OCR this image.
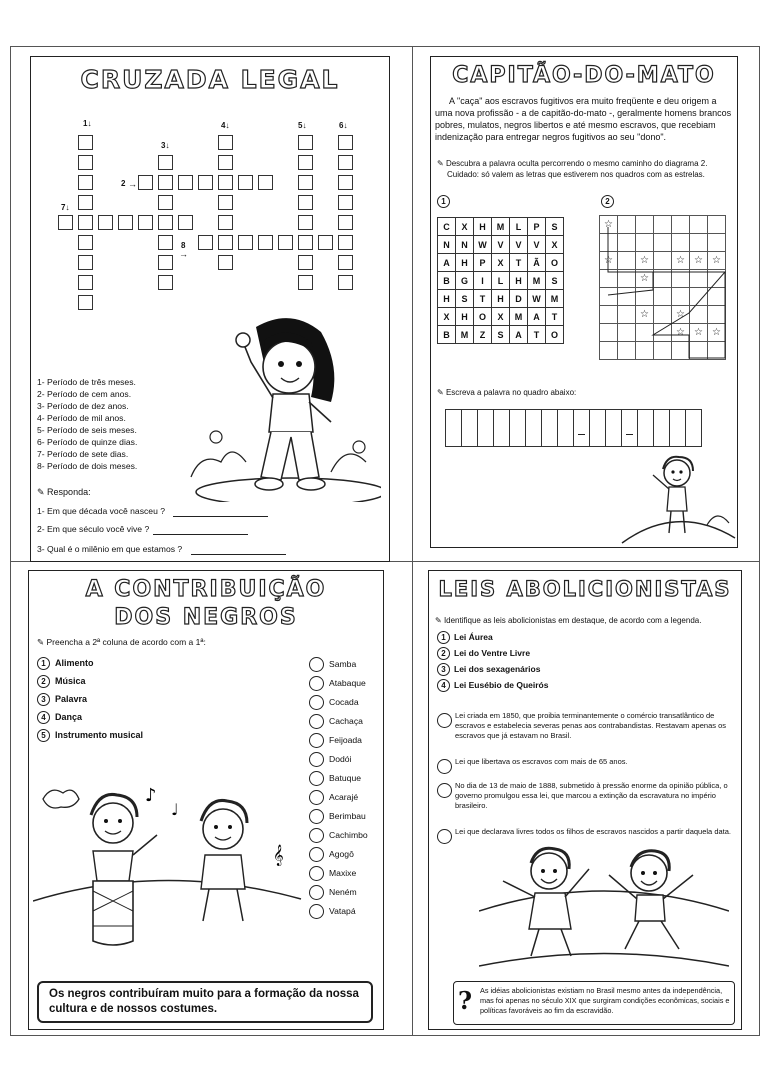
CRUZADA LEGAL
1↓
2
3↓
4↓	5↓	6↓
7↓
8
→
→
1- Período de três meses.
2- Período de cem anos.
3- Período de dez anos.
4- Período de mil anos.
5- Período de seis meses.
6- Período de quinze dias.
7- Período de sete dias.
8- Período de dois meses.
✎ Responda:
1- Em que década você nasceu ?
2- Em que século você vive ?
3- Qual é o milênio em que estamos ?
CAPITÃO-DO-MATO
A "caça" aos escravos fugitivos era muito freqüente e deu origem a uma nova profissão - a de capitão-do-mato -, geralmente homens brancos pobres, mulatos, negros libertos e até mesmo escravos, que recebiam indenização para entregar negros fugitivos ao seu "dono".
✎ Descubra a palavra oculta percorrendo o mesmo caminho do diagrama 2.
Cuidado: só valem as letras que estiverem nos quadros com as estrelas.
1	2
C	X	H	M	L	P	S
N	N	W	V	V	V	X
A	H	P	X	T	Ã	O
B	G	I	L	H	M	S
H	S	T	H	D	W	M
X	H	O	X	M	A	T
B	M	Z	S	A	T	O
☆						

☆		☆		☆	☆	☆
		☆				

		☆		☆		
				☆	☆	☆

✎ Escreva a palavra no quadro abaixo:
A CONTRIBUIÇÃO
DOS NEGROS
✎ Preencha a 2ª coluna de acordo com a 1ª:
1	Alimento
2	Música
3	Palavra
4	Dança
5	Instrumento musical
Samba
Atabaque
Cocada
Cachaça
Feijoada
Dodói
Batuque
Acarajé
Berimbau
Cachimbo
Agogô
Maxixe
Neném
Vatapá
♪
♩
𝄞
Os negros contribuíram muito para a formação da nossa cultura e de nossos costumes.
LEIS ABOLICIONISTAS
✎ Identifique as leis abolicionistas em destaque, de acordo com a legenda.
1 Lei Áurea
2 Lei do Ventre Livre
3 Lei dos sexagenários
4 Lei Eusébio de Queirós
Lei criada em 1850, que proibia terminantemente o comércio transatlântico de escravos e estabelecia severas penas aos contrabandistas. Restavam apenas os escravos que já estavam no Brasil.
Lei que libertava os escravos com mais de 65 anos.
No dia de 13 de maio de 1888, submetido à pressão enorme da opinião pública, o governo promulgou essa lei, que marcou a extinção da escravatura no império brasileiro.
Lei que declarava livres todos os filhos de escravos nascidos a partir daquela data.
? As idéias abolicionistas existiam no Brasil mesmo antes da independência, mas foi apenas no século XIX que surgiram condições econômicas, sociais e políticas favoráveis ao fim da escravidão.
